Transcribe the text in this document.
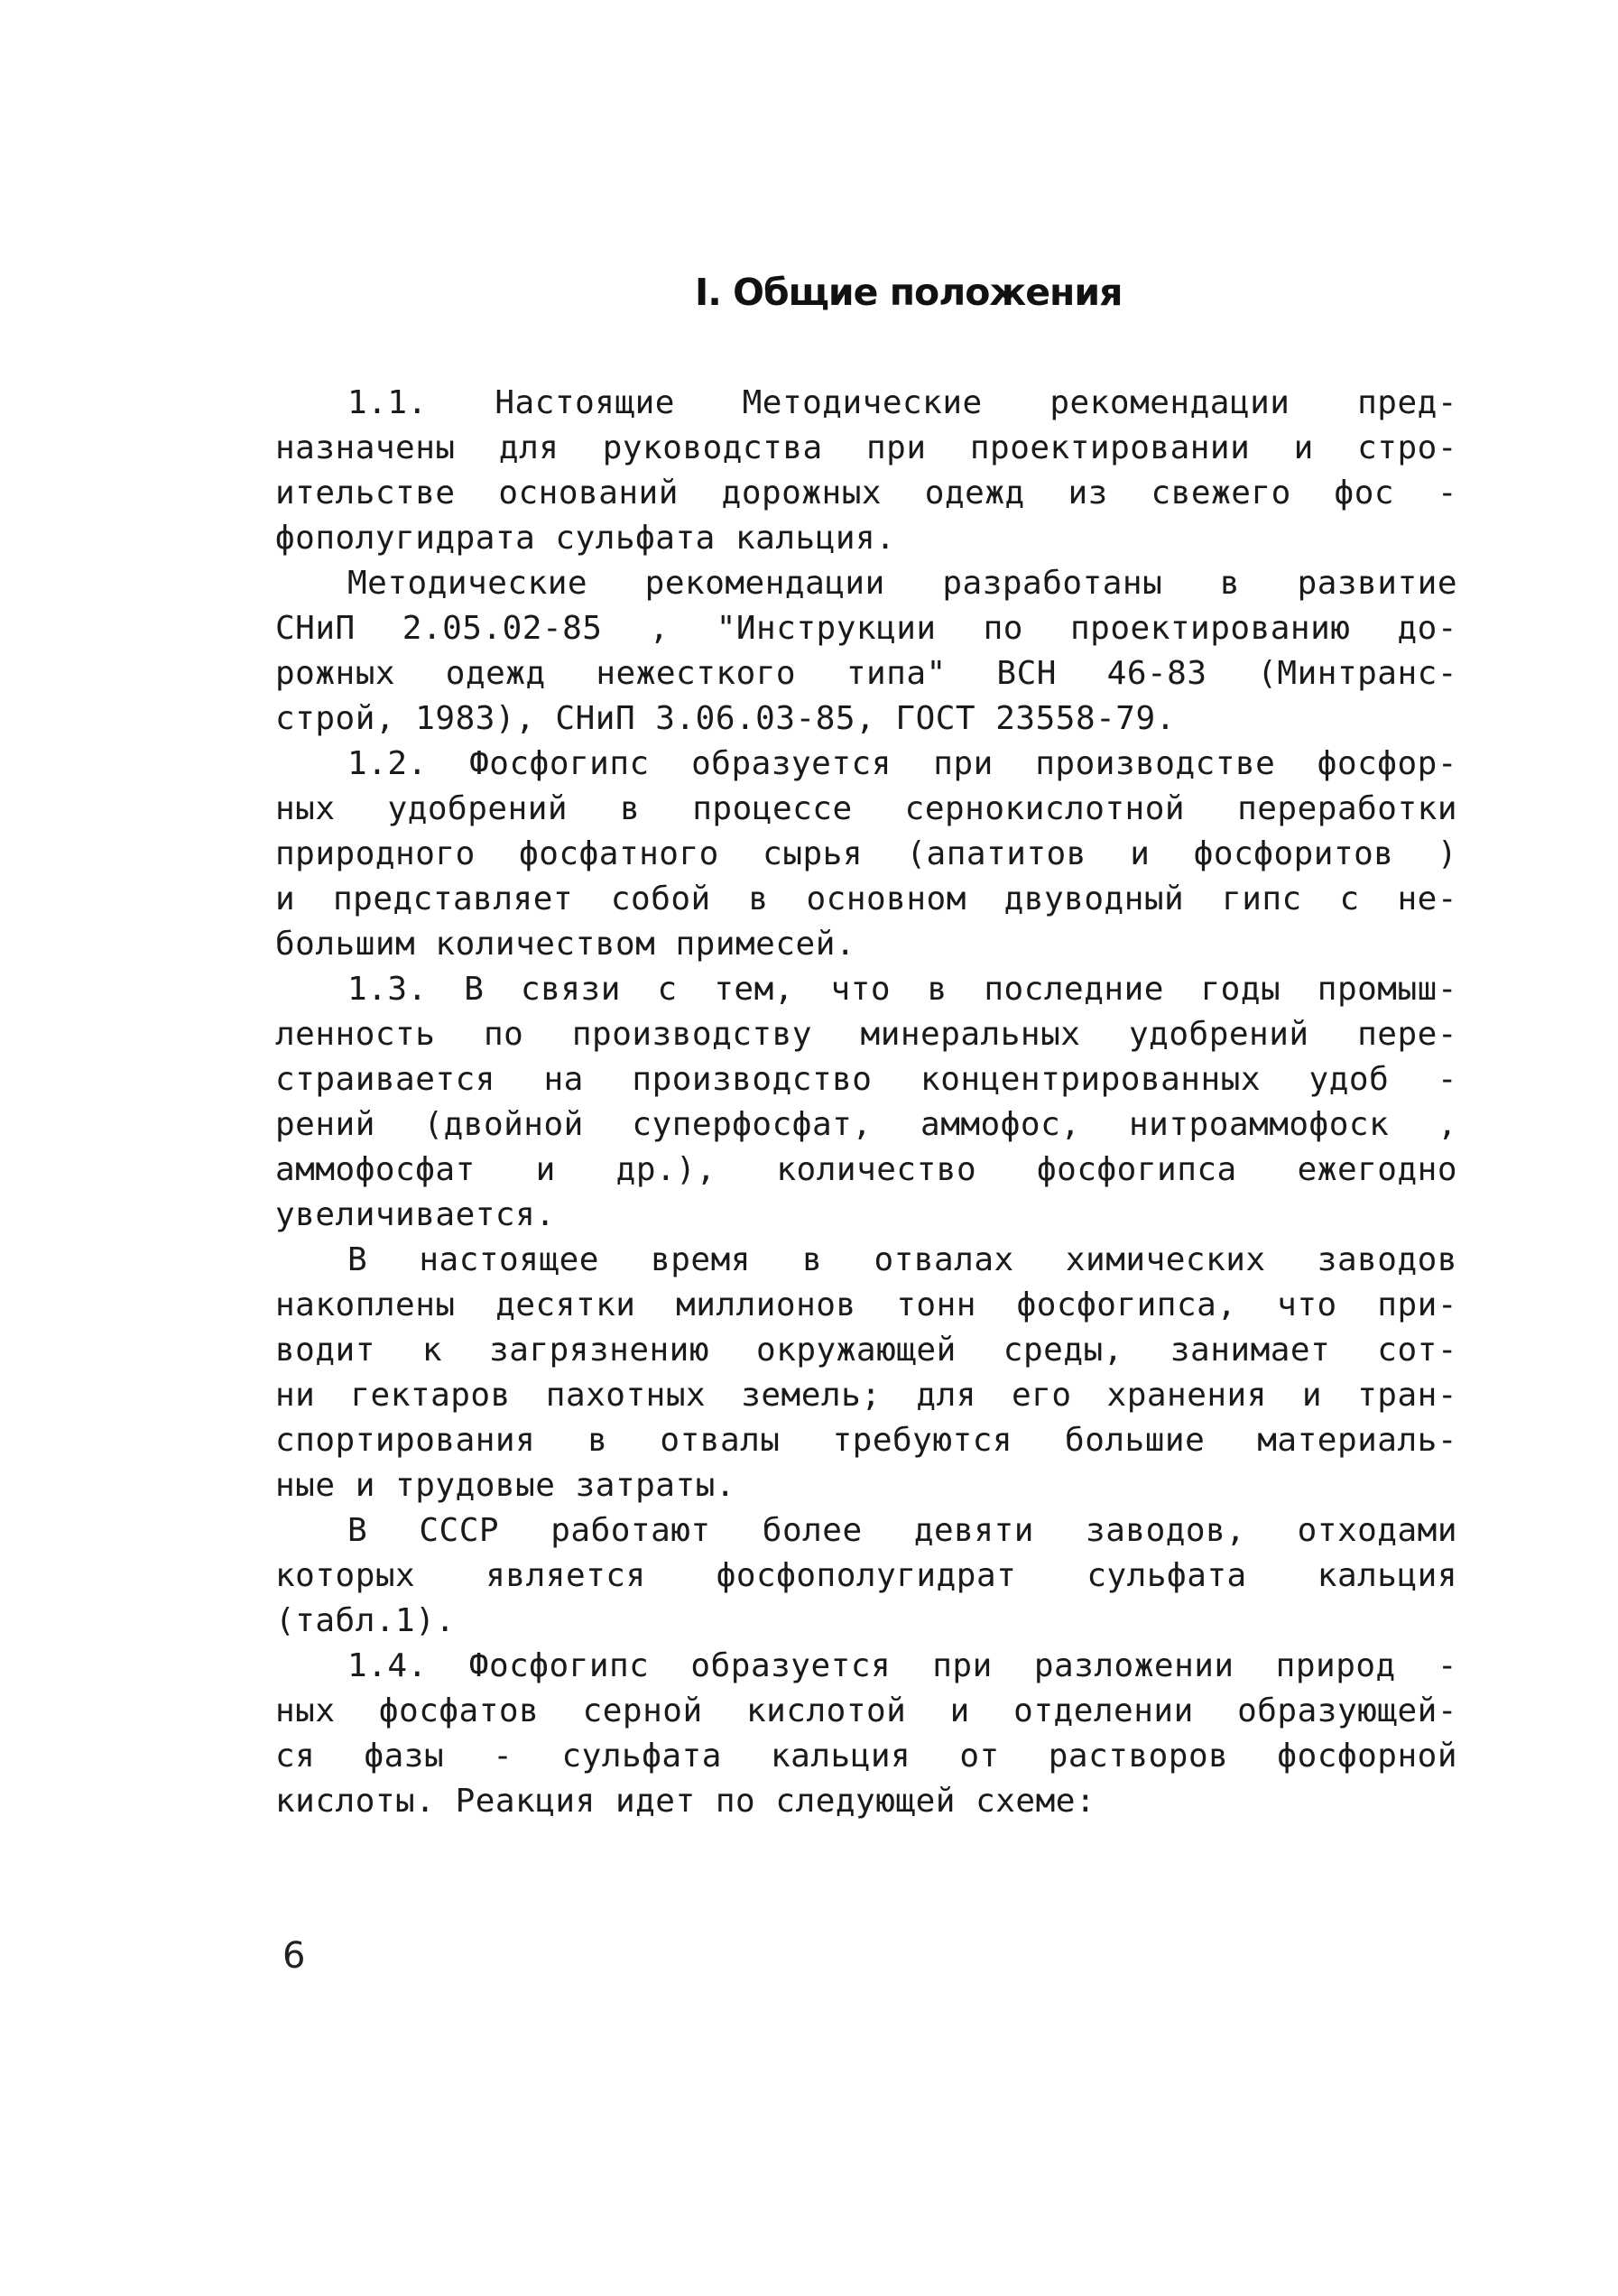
I. Общие положения
1.1. Настоящие Методические рекомендации пред-
назначены для руководства при проектировании и стро-
ительстве оснований дорожных одежд из свежего фос -
фополугидрата сульфата кальция.
Методические рекомендации разработаны в развитие
СНиП 2.05.02-85 , "Инструкции по проектированию до-
рожных одежд нежесткого типа" ВСН 46-83 (Минтранс-
строй, 1983), СНиП 3.06.03-85, ГОСТ 23558-79.
1.2. Фосфогипс образуется при производстве фосфор-
ных удобрений в процессе сернокислотной переработки
природного фосфатного сырья (апатитов и фосфоритов )
и представляет собой в основном двуводный гипс с не-
большим количеством примесей.
1.3. В связи с тем, что в последние годы промыш-
ленность по производству минеральных удобрений пере-
страивается на производство концентрированных удоб -
рений (двойной суперфосфат, аммофос, нитроаммофоск ,
аммофосфат и др.), количество фосфогипса ежегодно
увеличивается.
В настоящее время в отвалах химических заводов
накоплены десятки миллионов тонн фосфогипса, что при-
водит к загрязнению окружающей среды, занимает сот-
ни гектаров пахотных земель; для его хранения и тран-
спортирования в отвалы требуются большие материаль-
ные и трудовые затраты.
В СССР работают более девяти заводов, отходами
которых является фосфополугидрат сульфата кальция
(табл.1).
1.4. Фосфогипс образуется при разложении природ -
ных фосфатов серной кислотой и отделении образующей-
ся фазы - сульфата кальция от растворов фосфорной
кислоты. Реакция идет по следующей схеме:
6
